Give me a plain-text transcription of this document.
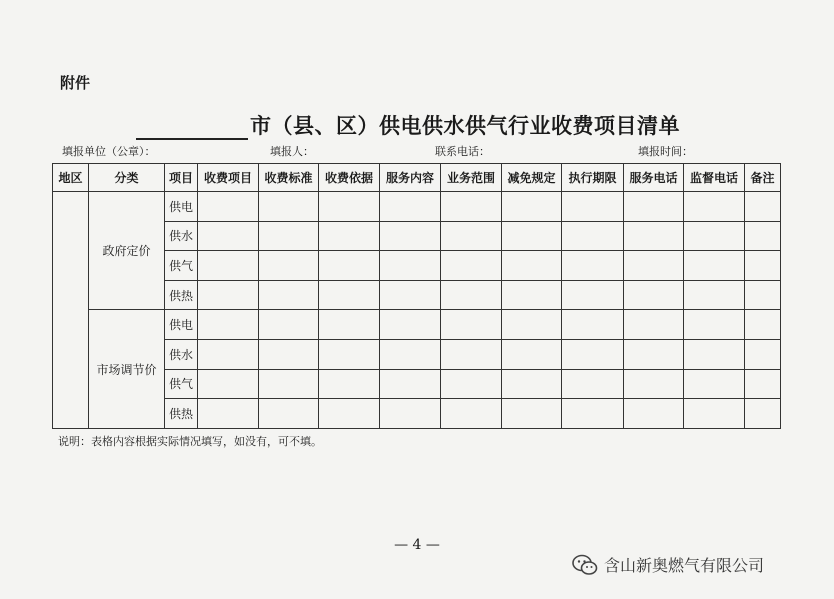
附件
市（县、区）供电供水供气行业收费项目清单
填报单位（公章）：	填报人：	联系电话：	填报时间：
地区	分类	项目	收费项目	收费标准	收费依据	服务内容	业务范围	减免规定	执行期限	服务电话	监督电话	备注
	政府定价	供电										
		供水										
		供气										
		供热										
	市场调节价	供电										
		供水										
		供气										
		供热										
说明：表格内容根据实际情况填写，如没有，可不填。
— 4 —
含山新奥燃气有限公司
